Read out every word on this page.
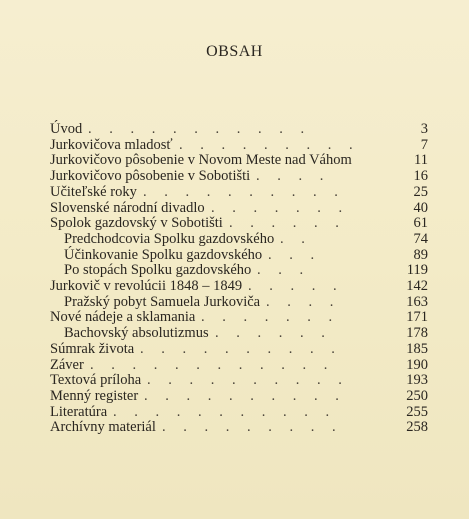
OBSAH
Úvod . . . . . . . . . . .	3
Jurkovičova mladosť . . . . . . . . .	7
Jurkovičovo pôsobenie v Novom Meste nad Váhom	11
Jurkovičovo pôsobenie v Sobotišti . . . .	16
Učiteľské roky . . . . . . . . . .	25
Slovenské národní divadlo . . . . . . .	40
Spolok gazdovský v Sobotišti . . . . . .	61
Predchodcovia Spolku gazdovského . .	74
Účinkovanie Spolku gazdovského . . .	89
Po stopách Spolku gazdovského . . .	119
Jurkovič v revolúcii 1848 – 1849 . . . . .	142
Pražský pobyt Samuela Jurkoviča . . . .	163
Nové nádeje a sklamania . . . . . . .	171
Bachovský absolutizmus . . . . . .	178
Súmrak života . . . . . . . . . .	185
Záver . . . . . . . . . . . .	190
Textová príloha . . . . . . . . . .	193
Menný register . . . . . . . . . .	250
Literatúra . . . . . . . . . . .	255
Archívny materiál . . . . . . . . .	258
